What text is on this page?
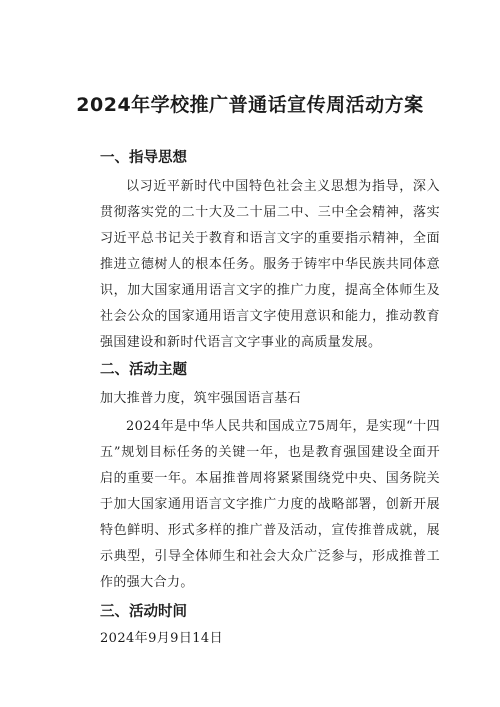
2024年学校推广普通话宣传周活动方案
一、指导思想

以习近平新时代中国特色社会主义思想为指导，深入贯彻落实党的二十大及二十届二中、三中全会精神，落实习近平总书记关于教育和语言文字的重要指示精神，全面推进立德树人的根本任务。服务于铸牢中华民族共同体意识，加大国家通用语言文字的推广力度，提高全体师生及社会公众的国家通用语言文字使用意识和能力，推动教育强国建设和新时代语言文字事业的高质量发展。

二、活动主题

加大推普力度，筑牢强国语言基石

2024年是中华人民共和国成立75周年，是实现“十四五”规划目标任务的关键一年，也是教育强国建设全面开启的重要一年。本届推普周将紧紧围绕党中央、国务院关于加大国家通用语言文字推广力度的战略部署，创新开展特色鲜明、形式多样的推广普及活动，宣传推普成就，展示典型，引导全体师生和社会大众广泛参与，形成推普工作的强大合力。

三、活动时间
2024年9月9日14日
